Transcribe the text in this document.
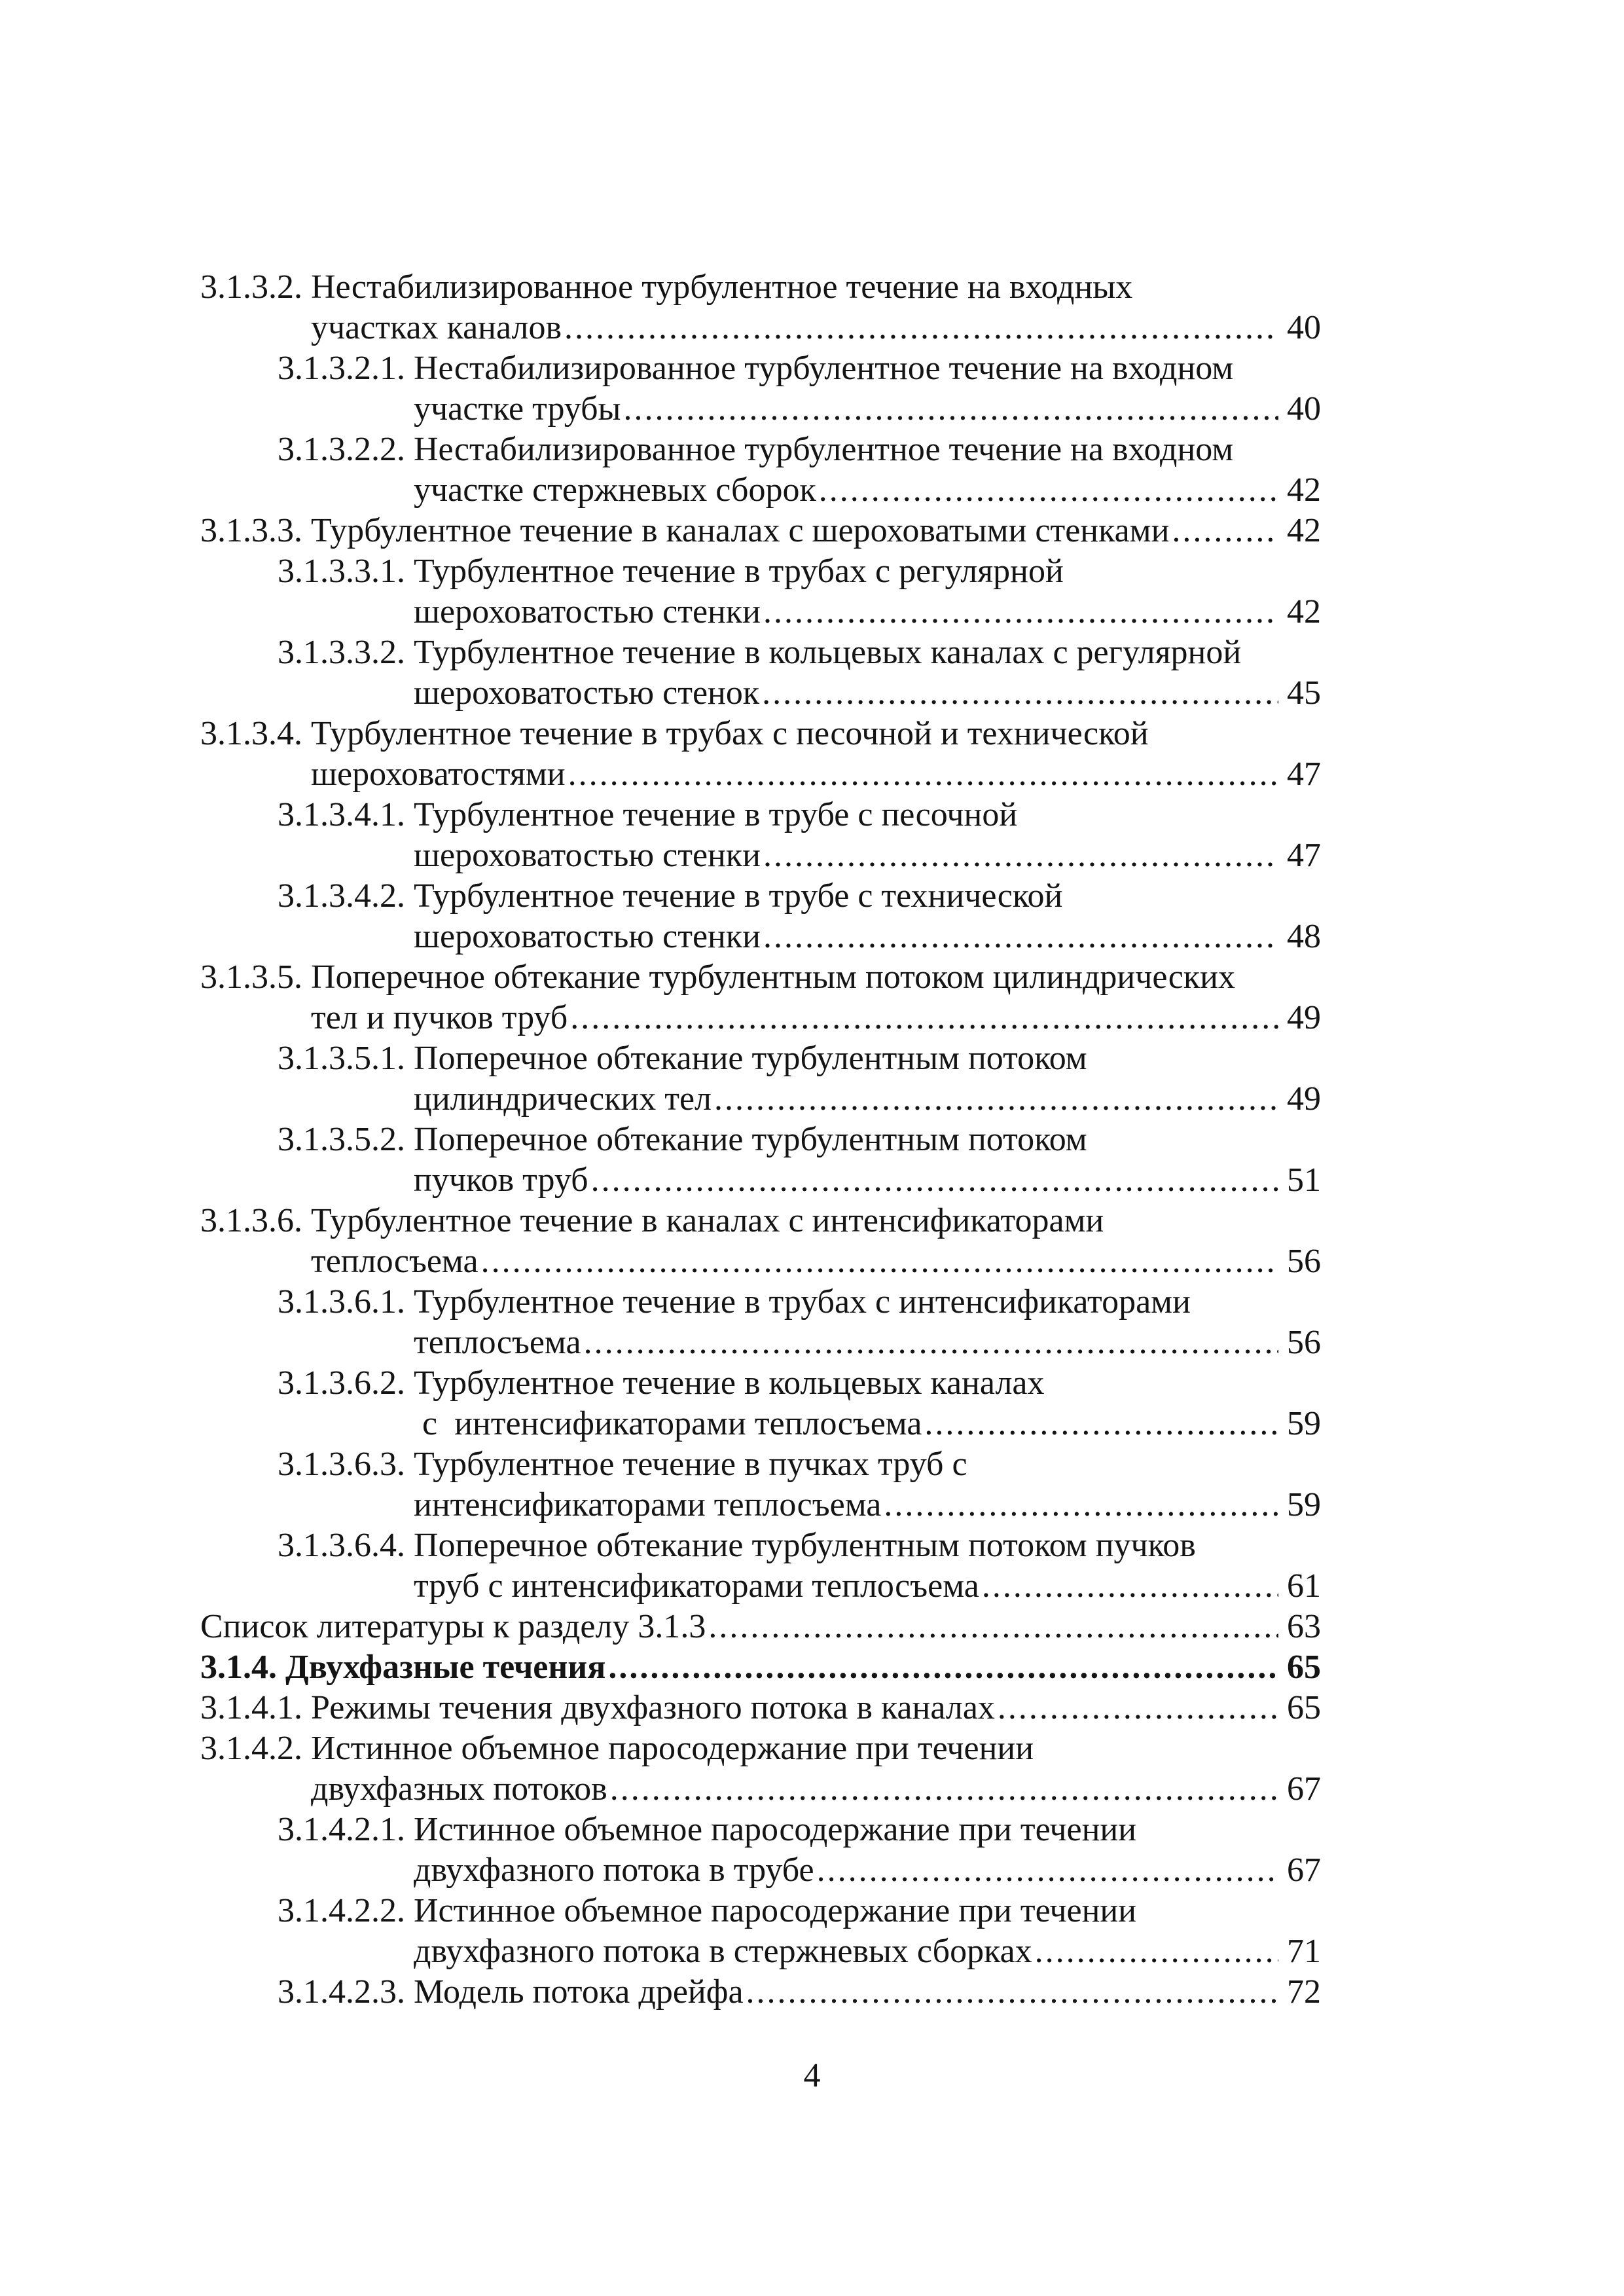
3.1.3.2. Нестабилизированное турбулентное течение на входных
участках каналов . . .	40
3.1.3.2.1. Нестабилизированное турбулентное течение на входном
участке трубы . . .	40
3.1.3.2.2. Нестабилизированное турбулентное течение на входном
участке стержневых сборок . . .	42
3.1.3.3. Турбулентное течение в каналах с шероховатыми стенками . . .	42
3.1.3.3.1. Турбулентное течение в трубах с регулярной
шероховатостью стенки . . .	42
3.1.3.3.2. Турбулентное течение в кольцевых каналах с регулярной
шероховатостью стенок . . .	45
3.1.3.4. Турбулентное течение в трубах с песочной и технической
шероховатостями . . .	47
3.1.3.4.1. Турбулентное течение в трубе с песочной
шероховатостью стенки . . .	47
3.1.3.4.2. Турбулентное течение в трубе с технической
шероховатостью стенки . . .	48
3.1.3.5. Поперечное обтекание турбулентным потоком цилиндрических
тел и пучков труб . . .	49
3.1.3.5.1. Поперечное обтекание турбулентным потоком
цилиндрических тел . . .	49
3.1.3.5.2. Поперечное обтекание турбулентным потоком
пучков труб . . .	51
3.1.3.6. Турбулентное течение в каналах с интенсификаторами
теплосъема . . .	56
3.1.3.6.1. Турбулентное течение в трубах с интенсификаторами
теплосъема . . .	56
3.1.3.6.2. Турбулентное течение в кольцевых каналах
с  интенсификаторами теплосъема . . .	59
3.1.3.6.3. Турбулентное течение в пучках труб с
интенсификаторами теплосъема . . .	59
3.1.3.6.4. Поперечное обтекание турбулентным потоком пучков
труб с интенсификаторами теплосъема . . .	61
Список литературы к разделу 3.1.3 . . .	63
3.1.4. Двухфазные течения . . .	65
3.1.4.1. Режимы течения двухфазного потока в каналах . . .	65
3.1.4.2. Истинное объемное паросодержание при течении
двухфазных потоков . . .	67
3.1.4.2.1. Истинное объемное паросодержание при течении
двухфазного потока в трубе . . .	67
3.1.4.2.2. Истинное объемное паросодержание при течении
двухфазного потока в стержневых сборках . . .	71
3.1.4.2.3. Модель потока дрейфа . . .	72
4
